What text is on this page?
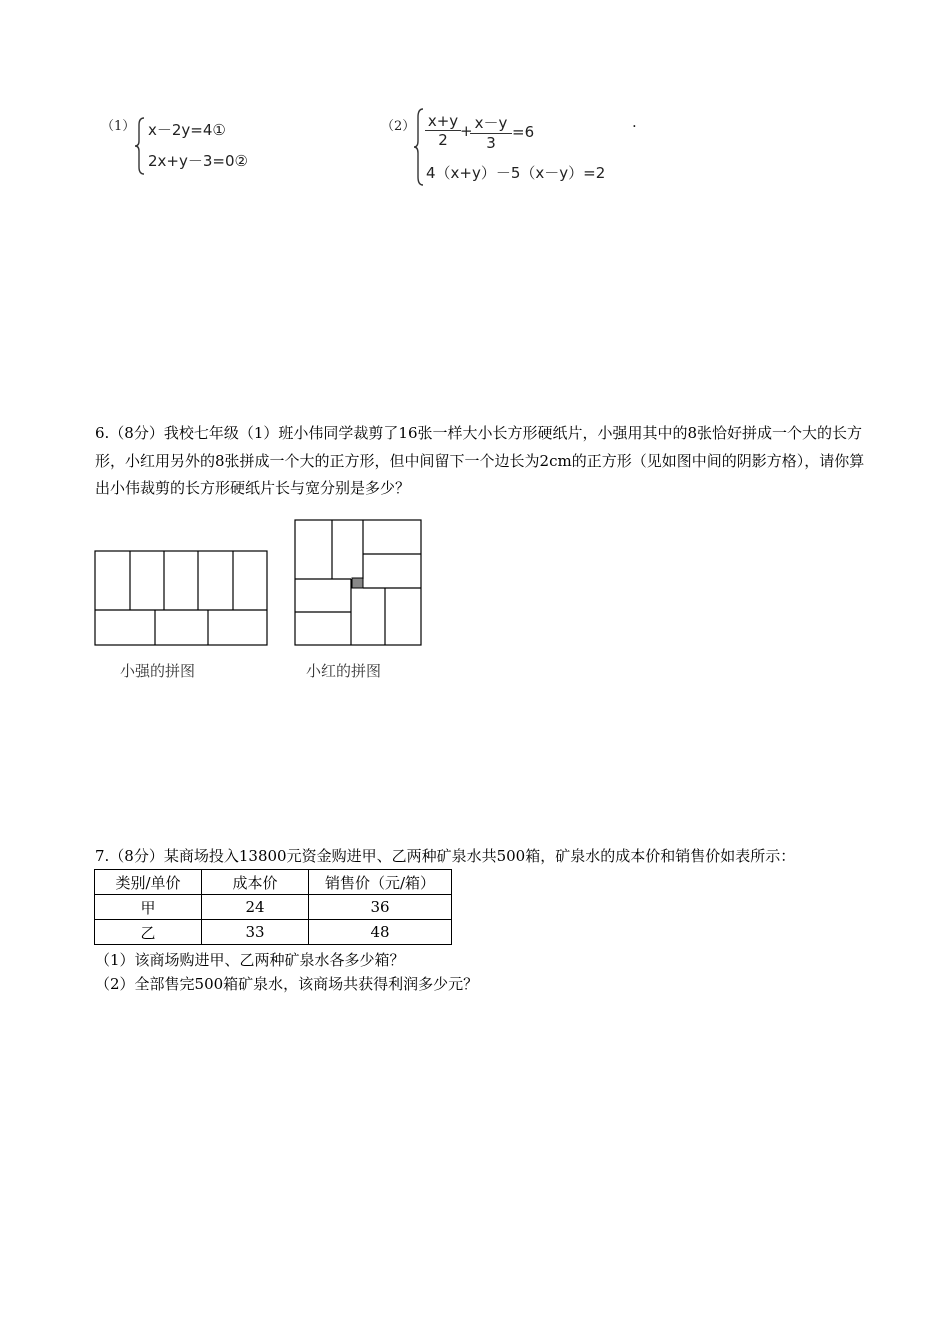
（1） x－2y=4①
2x+y－3=0②
$(2) \frac{x+y}{2}$ +
$\frac{x-y}{3} =6$
4（x+y）－5（x－y）=2
.
6.（8分）我校七年级（1）班小伟同学裁剪了16张一样大小长方形硬纸片，小强用其中的8张恰好拼成一个大的长方形，小红用另外的8张拼成一个大的正方形，但中间留下一个边长为2cm的正方形（见如图中间的阴影方格），请你算出小伟裁剪的长方形硬纸片长与宽分别是多少？
小强的拼图	小红的拼图
7.（8分）某商场投入13800元资金购进甲、乙两种矿泉水共500箱，矿泉水的成本价和销售价如表所示：
类别/单价	成本价	销售价（元/箱）
甲	24	36
乙	33	48
（1）该商场购进甲、乙两种矿泉水各多少箱？
（2）全部售完500箱矿泉水，该商场共获得利润多少元？
